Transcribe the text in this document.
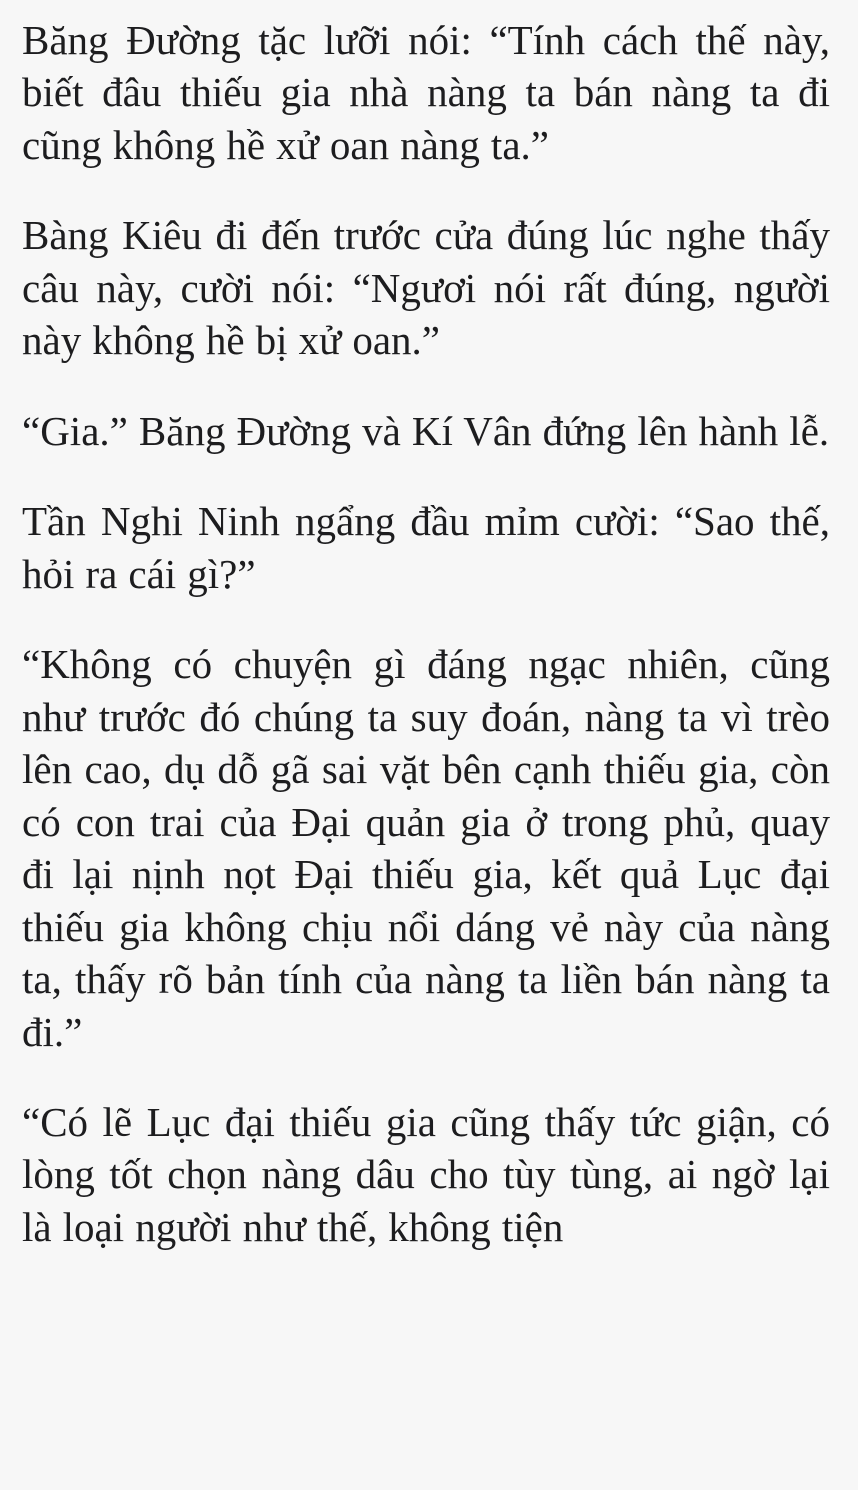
Băng Đường tặc lưỡi nói: “Tính cách thế này, biết đâu thiếu gia nhà nàng ta bán nàng ta đi cũng không hề xử oan nàng ta.”

Bàng Kiêu đi đến trước cửa đúng lúc nghe thấy câu này, cười nói: “Ngươi nói rất đúng, người này không hề bị xử oan.”

“Gia.” Băng Đường và Kí Vân đứng lên hành lễ.

Tần Nghi Ninh ngẩng đầu mỉm cười: “Sao thế, hỏi ra cái gì?”

“Không có chuyện gì đáng ngạc nhiên, cũng như trước đó chúng ta suy đoán, nàng ta vì trèo lên cao, dụ dỗ gã sai vặt bên cạnh thiếu gia, còn có con trai của Đại quản gia ở trong phủ, quay đi lại nịnh nọt Đại thiếu gia, kết quả Lục đại thiếu gia không chịu nổi dáng vẻ này của nàng ta, thấy rõ bản tính của nàng ta liền bán nàng ta đi.”

“Có lẽ Lục đại thiếu gia cũng thấy tức giận, có lòng tốt chọn nàng dâu cho tùy tùng, ai ngờ lại là loại người như thế, không tiện
